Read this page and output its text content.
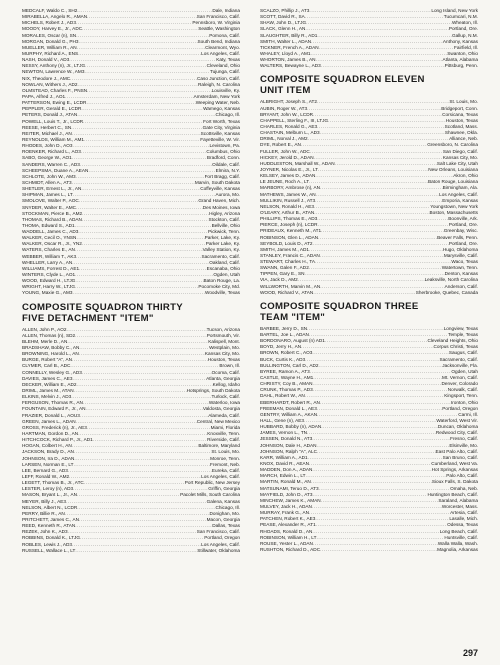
MEDCALF, Waldo C., SH2 .....	Dale, Indiana
MIRABELLA, Angelo R., AMAN .....	San Francisco, Calif.
MICHELS, Robert J., AD3 .....	Pennsboro, W. Virginia
MOODY, Harvey E., Jr., ADC .....	Seattle, Washington
MORALES, Oscar (n), SN .....	Pomona, Calif.
MORGAN, Donald G., PH3 .....	South Bend, Indiana
MUELLER, William R., AN .....	Clearmont, Wyo.
MURPHY, Richard A., ENS .....	Los Angeles, Calif.
NASH, Donald V., AD3 .....	Katy, Texas
NESSY, Anthony (n), Jr., LTJG .....	Cleveland, Ohio
NEWTON, Lawrence W., AM3 .....	Tujunga, Calif.
NIX, Theodore J., AMC .....	Caso Junction, Calif.
NOWLAN, Withers J., AD2 .....	Raleigh, N. Carolina
OLMSTEAD, Charles F., PNSN .....	Louisville, Ky.
PAPA, Alfred J., AO1 .....	Amsterdam, New York
PATTERSON, Ewing E., LCDR .....	Weeping Water, Neb.
PEPPLER, Gerald E., LCDR .....	Wamego, Kansas
PETERS, Donald J., ATAN .....	Chicago, Ill.
POWELL, Louis T., Jr., LCDR .....	Fort Worth, Texas
REESE, Herbert C., SN .....	Gate City, Virginia
REITER, Michael J., AN .....	Scottsville, Kansas
REYNOLDS, William M., AM1 .....	Fayetteville, W. Vir.
RHODES, John D., AO3 .....	Levistown, Pa.
ROENKER, Richard L., AO3 .....	Columbus, Ohio
SABO, George W., AO1 .....	Bradford, Conn.
SANDERS, Warren C., AD3 .....	Oildale, Calif.
SCHEEPSMA, Duane A., AEAN .....	Elmira, N.Y.
SCHLOTE, John W., AM3 .....	Fort Bragg, Calif.
SCHMIDT, Allen A., AT3 .....	Marvin, South Dakota
SHETLER, Ernest L., Jr., AN .....	Coffeyville, Kansas
SHIPMAN, James L., LT .....	Aurora, Mo.
SMOLOVE, Walter P., AOC .....	Grand Haven, Mich.
SNYDER, Walter E., AMC .....	Des Moines, Iowa
STOCKMAN, Pierce B., AM2 .....	Higley, Arizona
THOMAS, Richard B., ADAN .....	Stockton, Calif.
THOMA, Edward S., AD1 .....	Bellville, Ohio
WADDELL, James C., AD3 .....	Pickwick, Tenn.
WALKER, Cecil O., YNSN .....	Parker, Lake, Ky.
WALKER, Oscar R., Jr., YN2 .....	Parker Lake, Ky.
WATERS, Charles E., AN .....	Valley Station, Ky.
WEBBER, William T., AK3 .....	Sacramento, Calif.
WHELLER, Larry A., AN .....	Oakland, Calif.
WILLIAMS, Forrest D., AE1 .....	Escanaba, Ohio
WINTERS, Clyde L., AO1 .....	Ogden, Utah
WOOD, Edward H., LTJG .....	Baton Rouge, La.
WRIGHT, Harry W., LTJG .....	Pocomoke City, Md.
YOUNG, Maxie G., AM3 .....	Woodville, Texas
COMPOSITE SQUADRON THIRTY
FIVE DETACHMENT "ITEM"
ALLEN, John P., AO2 .....	Tucson, Arizona
ALLEN, Thomas (n), SD2 .....	Portsmouth, Vir.
BLEHM, Merle D., AN .....	Kalispell, Mont.
BRADSHAW, Bobby C., AN .....	Westplain, Mo.
BROWNING, Harold L., AN .....	Kansas City, Mo.
BURGE, Robert "A", AN .....	Houston, Texas
CLYMER, Carl B., ADC .....	Brown, Ill.
CONNELLY, Wesley G., AD3 .....	Ocoma, Calif.
DAVIES, James C., AE3 .....	Atlanta, Georgia
DECKER, William E., AD2 .....	Kellog, Idaho
DRIML, James M., ATAN .....	Hotsprings, South Dakota
ELKINS, Melvin J., AD3 .....	Turlock, Calif.
FERGUSON, Thomas R., AN .....	Waterloo, Iowa
FOUNTAIN, Edward F., Jr., AN .....	Valdosta, Georgia
FRAZIER, Donald L., AOU3 .....	Alameda, Calif.
GREEN, James L., ADAN .....	Central, New Mexico
GROSS, Frederick (n), Jr., AE3 .....	Miami, Florida
HARTMAN, Gordon D., AN .....	Knoxville, Tenn.
HITCHCOCK, Richard P., Jr., AD1 .....	Riverside, Calif.
HOGAN, Colbert H., AN .....	Baltimore, Maryland
JACKSON, Brady D., AN .....	St. Louis, Mo.
JOHNSON, Ira D., ADAN .....	Monroe, Tenn.
LARSEN, Norman E., LT .....	Fremont, Neb.
LEE, Bernard G., AD3 .....	Eureka, Calif.
LEFF, Ronald W., AM2 .....	Los Angeles, Calif.
LEGETT, Thomas B., Jr., ATC .....	Port Republic, New Jersey
LESTER, Leroy (n), AD3 .....	Griffin, Georgia
MASON, Bryant L., Jr., AN .....	Pacolet Mills, South Carolina
MEYER, Billy J., AE3 .....	Galena, Kansas
NELSON, Albert N., LCDR .....	Chicago, Ill.
PERRY, Billie R., AN .....	Donighan, Mo.
PRITCHETT, James C., AN .....	Macon, Georgia
REED, Kenneth R., ATAN .....	Dallas, Texas
REZEK, John K., AD3 .....	San Francisco, Calif.
ROBBINS, Donald K., LTJG .....	Portland, Oregon
ROBLES, Lewis J., AD3 .....	Los Angeles, Calif.
RUSSELL, Wallace L., LT .....	Stillwater, Oklahoma
SCALZO, Phillip J., AT3 .....	Long Island, New York
SCOTT, David R., SA .....	Tucumcari, N.M.
SHAW, John D., LTJG .....	Wheaton, Ill.
SLACK, Glenn H., AN .....	Portland, Ore.
SLAUGHTER, Billy R., AD1 .....	Gallup, N.M.
SMITH, Walter L., ADAN .....	Anthony, Kansas
TICKNER, French A., ADAN .....	Fairfield, Ill.
WHALEY, Lloyd A., AM1 .....	Swanton, Ohio
WHORTON, James B., AN .....	Atlanta, Alabama
WALTERS, Bewayne L., AD3 .....	Pittsburg, Penn.
COMPOSITE SQUADRON ELEVEN
UNIT ITEM
ALBRIGHT, Joseph S., AT2 .....	St. Louis, Mo.
AUBIN, Roger W., AT3 .....	Bridgeport, Conn.
BRYANT, John W., LCDR .....	Corsicana, Texas
CHAPPELL, Sterling F., III, LTJG .....	Houston, Texas
CHARLES, Ronald G., AE3 .....	Scotland, Mass.
CHASTAIN, Melburn L., AD3 .....	Shawnee, Okla.
DRIML, Norval J., AM2 .....	Alliance, Neb.
DYE, Robert E., AN .....	Greensboro, N. Carolina
FULLER, John W., ADC .....	San Diego, Calif.
HICKEY, Jerold D., ADAN .....	Kansas City, Mo.
HUDDLESTON, Marshall W., ADAN .....	Salt Lake City, Utah
JOYNER, Nicolas E., Jr., LT .....	New Orleans, Louisiana
KELSEY, James D., ADAN .....	Akron, Ohio
LE JEUNE, Roch A., LT .....	Baton Rouge, Louisiana
MARBORY, Ambrose (n), AN .....	Birmingham, Ala.
MATHEWS, James W., AN .....	Los Angeles, Calif.
MULLIKIN, Russell J., AT3 .....	Emporia, Kansas
NELSON, Ronald H., AE3 .....	Youngstown, New York
O'LEARY, Arthur B., ATAN .....	Boston, Massachusetts
PHILLIPS, Thomas E., AD3 .....	Boonville, Ark.
PIERCE, Joseph (n), LCDR .....	Portland, Ore.
PRIDEAUX, Kenneth M., AT1 .....	Greenbay, Wisc.
ROBINSON, Glen L., ADAN .....	Beaver Falls, Penn.
SEYBOLD, Louis D., AT2 .....	Portland, Ore.
SMITH, James M., AD1 .....	Hugo, Oklahoma
STANLEY, Francis C., ADAN .....	Marysville, Calif.
STEWART, Charles H., TA .....	Waco, Texas
SWANN, Galen F., AD2 .....	Watertown, Tenn.
TIPPEN, Gary E., SN .....	Denton, Kansas
VIA, Jack D., AM2 .....	Leaksville, North Carolina
WILLWORTH, Marvin M., AN .....	Anderson, Calif.
WOOD, Richard V., ATAN .....	Sherbrooke, Quebec, Canada
COMPOSITE SQUADRON THREE
TEAM "ITEM"
BARBEE, Jerry D., SN .....	Longview, Texas
BARTEL, Joe L., ADAN .....	Temple, Texas
BORDONARO, August (n) AD1 .....	Cleveland Heights, Ohio
BOYD, Jerry H., AN .....	Corpus Christi, Texas
BROWN, Robert C., AO3 .....	Saugus, Calif.
BUCK, Curtis K., AD3 .....	Sacramento, Calif.
BULLINGTON, Carl D., AD2 .....	Jacksonville, Fla.
BYREE, Ramon A., AT3 .....	Ogden, Utah
CASTLE, Wayne H., AM1 .....	Mt. Vernon, Calif.
CHRISTY, Coy B., AMAN .....	Denver, Colorado
CRUNK, Thomas P., AD3 .....	Norwalk, Calif.
DAHL, Robert W., AN .....	Kingsport, Tenn.
EBERHARDT, Robert R., AN .....	Ironton, Ohio
FREEMAN, Donald L., AE3 .....	Portland, Oregon
GENTRY, William A., AKAN .....	Carmi, Ill.
HALL, Gene (n), AE3 .....	Waterford, West Vir.
HUBBARD, Bobby (n), ADAN .....	Duncan, Oklahoma
JAMES, Vernon L., TN .....	Redwood City, Calif.
JESSEN, Donald N., AT3 .....	Fresno, Calif.
JOHNSON, Dale H., ADAN .....	Elsinville, Mo.
JOHNSON, Ralph "A", ALC .....	East Palo Alto, Calif.
KARR, William A., AD1 .....	San Bruno, Calif.
KNOX, David R., AEAN .....	Cumberland, West Va.
MADDEN, Don A., ADAN .....	Hot Springs, Arkansas
MARCH, Edwin L., LT .....	Palo Alto, Calif.
MARTIN, Ronald M., AN .....	Sioux Falls, S. Dakota
MATSUNAMI, Teruo D., AT3 .....	Omaha, Neb.
MAYFIELD, John D., AT3 .....	Huntington Beach, Calif.
MINCHEW, James K., AMAN .....	Saraland, Alabama
MULVEY, Jack H., ADAN .....	Worcester, Mass.
MURRAY, Frank G., AN .....	Artesia, Calif.
PATCHEN, Robert K., AE3 .....	Lasalle, Mich.
PEASE, Alexander R., AT1 .....	Odessa, Texas
RHOADS, Ronald D., AN .....	Long Beach, Calif.
ROBINSON, William H., LT .....	Huntsville, Calif.
ROUSE, Yester L., ADAN .....	Walla Walla, Wash.
RUSHTON, Richard D., ADC .....	Magnolia, Arkansas
297
